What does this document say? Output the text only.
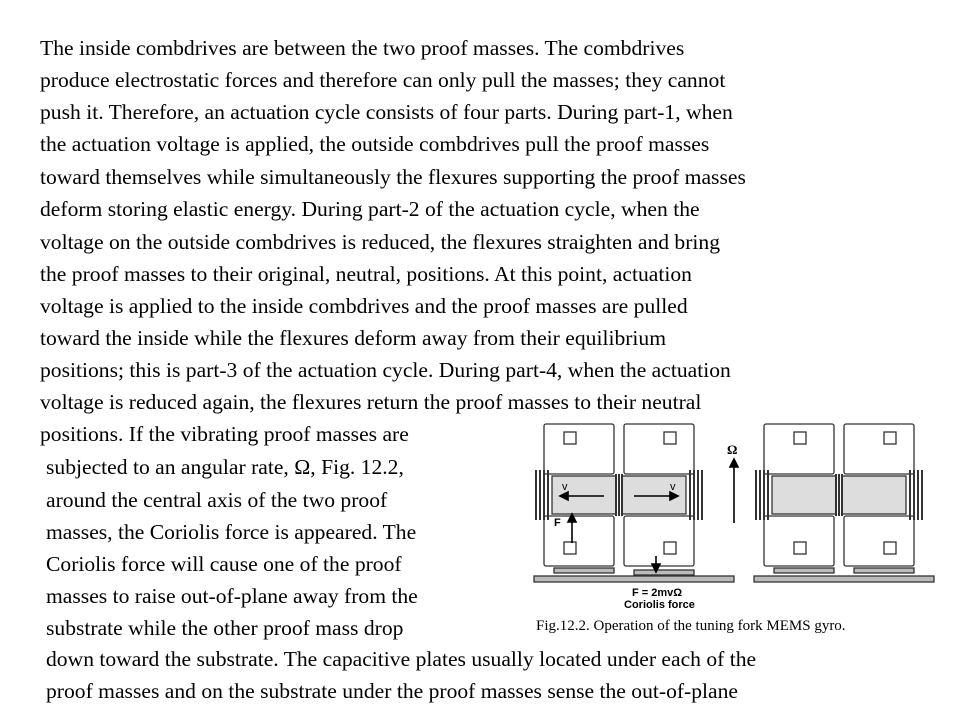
The inside combdrives are between the two proof masses. The combdrives
produce electrostatic forces and therefore can only pull the masses; they cannot
push it. Therefore, an actuation cycle consists of four parts. During part-1, when
the actuation voltage is applied, the outside combdrives pull the proof masses
toward themselves while simultaneously the flexures supporting the proof masses
deform storing elastic energy. During part-2 of the actuation cycle, when the
voltage on the outside combdrives is reduced, the flexures straighten and bring
the proof masses to their original, neutral, positions. At this point, actuation
voltage is applied to the inside combdrives and the proof masses are pulled
toward the inside while the flexures deform away from their equilibrium
positions; this is part-3 of the actuation cycle. During part-4, when the actuation
voltage is reduced again, the flexures return the proof masses to their neutral
positions. If the vibrating proof masses are
subjected to an angular rate, Ω, Fig. 12.2,
around the central axis of the two proof
masses, the Coriolis force is appeared. The
Coriolis force will cause one of the proof
masses to raise out-of-plane away from the
substrate while the other proof mass drop
down toward the substrate. The capacitive plates usually located under each of the
proof masses and on the substrate under the proof masses sense the out-of-plane
v	v
F
Ω
F = 2mvΩ
Coriolis force
Fig.12.2. Operation of the tuning fork MEMS gyro.
